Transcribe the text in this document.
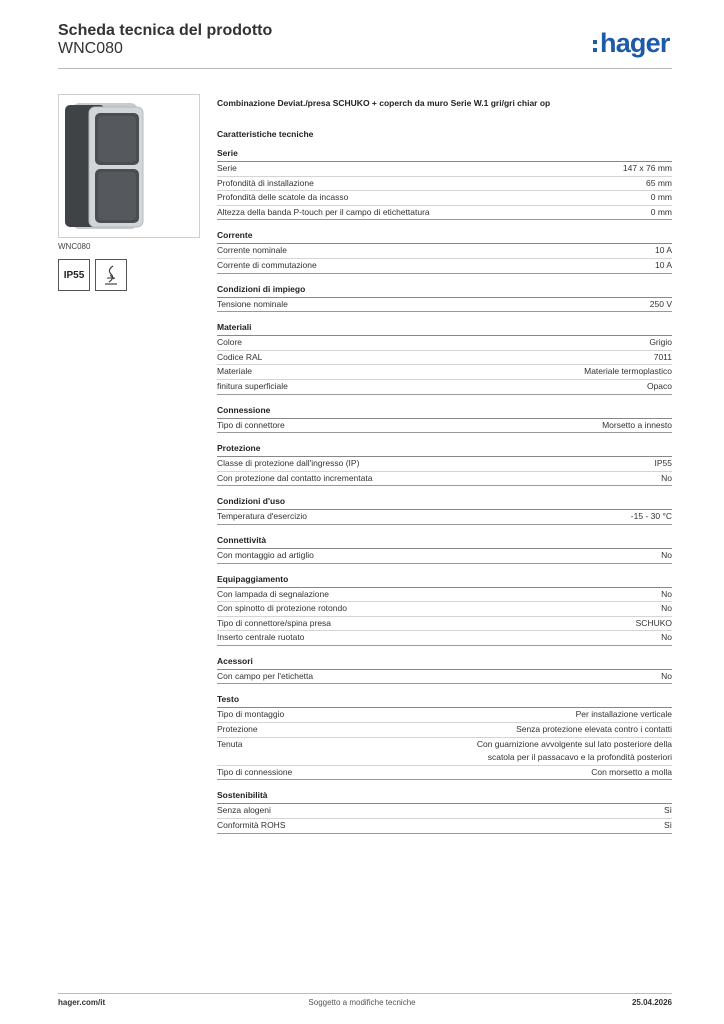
Scheda tecnica del prodotto
WNC080	hager
WNC080
IP55
Combinazione Deviat./presa SCHUKO + coperch da muro Serie W.1 gri/gri chiar op
Caratteristiche tecniche
Serie
Serie	147 x 76 mm
Profondità di installazione	65 mm
Profondità delle scatole da incasso	0 mm
Altezza della banda P-touch per il campo di etichettatura	0 mm
Corrente
Corrente nominale	10 A
Corrente di commutazione	10 A
Condizioni di impiego
Tensione nominale	250 V
Materiali
Colore	Grigio
Codice RAL	7011
Materiale	Materiale termoplastico
finitura superficiale	Opaco
Connessione
Tipo di connettore	Morsetto a innesto
Protezione
Classe di protezione dall'ingresso (IP)	IP55
Con protezione dal contatto incrementata	No
Condizioni d'uso
Temperatura d'esercizio	-15 - 30 °C
Connettività
Con montaggio ad artiglio	No
Equipaggiamento
Con lampada di segnalazione	No
Con spinotto di protezione rotondo	No
Tipo di connettore/spina presa	SCHUKO
Inserto centrale ruotato	No
Acessori
Con campo per l'etichetta	No
Testo
Tipo di montaggio	Per installazione verticale
Protezione	Senza protezione elevata contro i contatti
Tenuta	Con guarnizione avvolgente sul lato posteriore della scatola per il passacavo e la profondità posteriori
Tipo di connessione	Con morsetto a molla
Sostenibilità
Senza alogeni	Sì
Conformità ROHS	Sì
hager.com/it	Soggetto a modifiche tecniche	25.04.2026
